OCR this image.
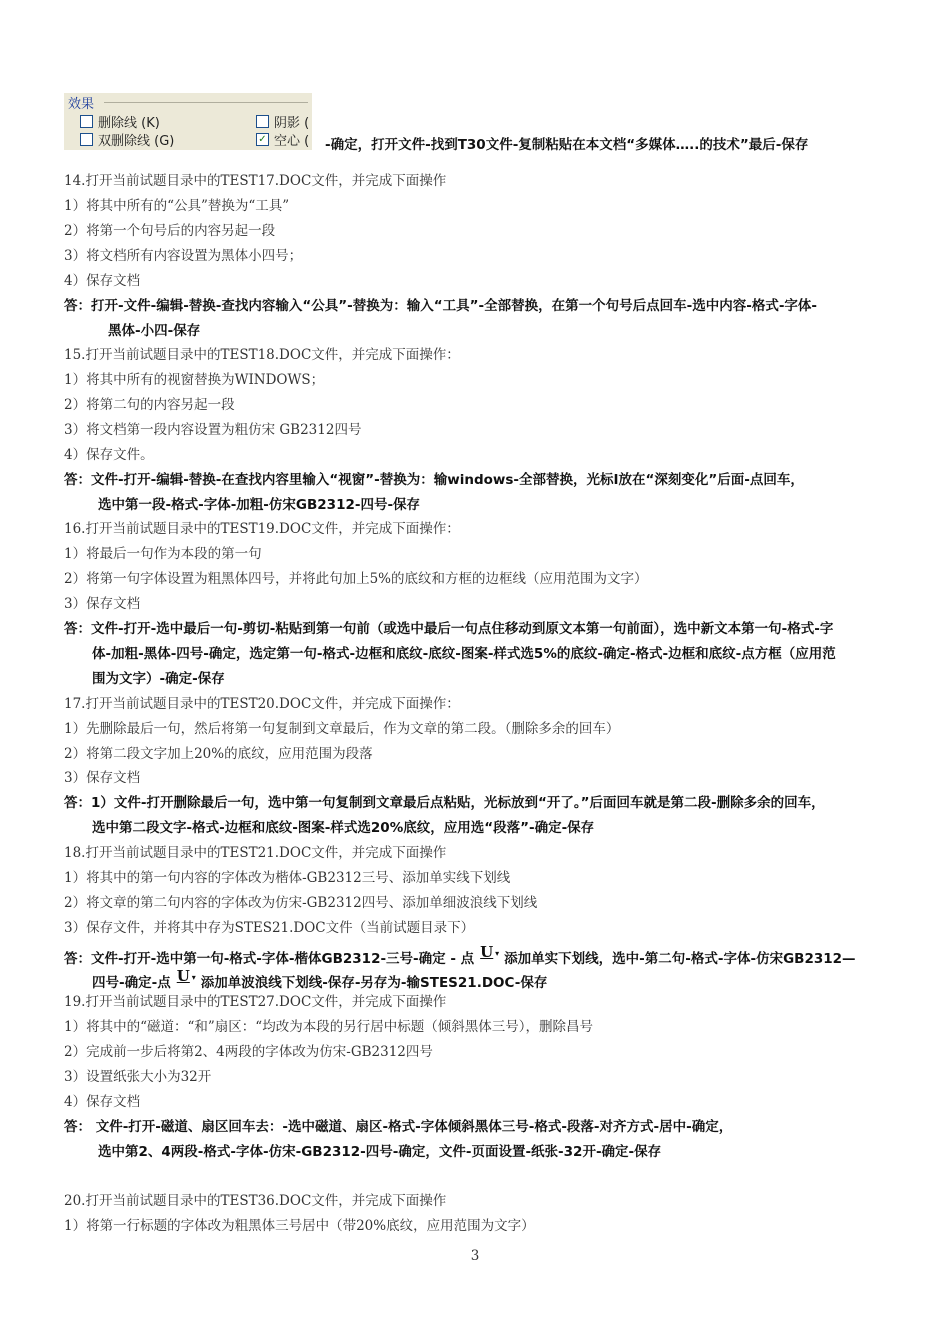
效果
删除线 (K)
双删除线 (G)
阴影 (
✓ 空心 ( -确定，打开文件-找到T30文件-复制粘贴在本文档“多媒体…..的技术”最后-保存
14.打开当前试题目录中的TEST17.DOC文件，并完成下面操作
1）将其中所有的“公具”替换为“工具”
2）将第一个句号后的内容另起一段
3）将文档所有内容设置为黑体小四号；
4）保存文档
答：打开-文件-编辑-替换-查找内容输入“公具”-替换为：输入“工具”-全部替换，在第一个句号后点回车-选中内容-格式-字体-
黑体-小四-保存
15.打开当前试题目录中的TEST18.DOC文件，并完成下面操作：
1）将其中所有的视窗替换为WINDOWS；
2）将第二句的内容另起一段
3）将文档第一段内容设置为粗仿宋 GB2312四号
4）保存文件。
答：文件-打开-编辑-替换-在查找内容里输入“视窗”-替换为：输windows-全部替换，光标I放在“深刻变化”后面-点回车，
选中第一段-格式-字体-加粗-仿宋GB2312-四号-保存
16.打开当前试题目录中的TEST19.DOC文件，并完成下面操作：
1）将最后一句作为本段的第一句
2）将第一句字体设置为粗黑体四号，并将此句加上5%的底纹和方框的边框线（应用范围为文字）
3）保存文档
答：文件-打开-选中最后一句-剪切-粘贴到第一句前（或选中最后一句点住移动到原文本第一句前面），选中新文本第一句-格式-字
体-加粗-黑体-四号-确定，选定第一句-格式-边框和底纹-底纹-图案-样式选5%的底纹-确定-格式-边框和底纹-点方框（应用范
围为文字）-确定-保存
17.打开当前试题目录中的TEST20.DOC文件，并完成下面操作：
1）先删除最后一句，然后将第一句复制到文章最后，作为文章的第二段。（删除多余的回车）
2）将第二段文字加上20%的底纹，应用范围为段落
3）保存文档
答：1）文件-打开删除最后一句，选中第一句复制到文章最后点粘贴，光标放到“开了。”后面回车就是第二段-删除多余的回车，
选中第二段文字-格式-边框和底纹-图案-样式选20%底纹，应用选“段落”-确定-保存
18.打开当前试题目录中的TEST21.DOC文件，并完成下面操作
1）将其中的第一句内容的字体改为楷体-GB2312三号、添加单实线下划线
2）将文章的第二句内容的字体改为仿宋-GB2312四号、添加单细波浪线下划线
3）保存文件，并将其中存为STES21.DOC文件（当前试题目录下）
答：文件-打开-选中第一句-格式-字体-楷体GB2312-三号-确定 - 点 U ▾ 添加单实下划线，选中-第二句-格式-字体-仿宋GB2312—
四号-确定-点 U ▾ 添加单波浪线下划线-保存-另存为-输STES21.DOC-保存
19.打开当前试题目录中的TEST27.DOC文件，并完成下面操作
1）将其中的“磁道：“和”扇区：“均改为本段的另行居中标题（倾斜黑体三号），删除昌号
2）完成前一步后将第2、4两段的字体改为仿宋-GB2312四号
3）设置纸张大小为32开
4）保存文档
答： 文件-打开-磁道、扇区回车去：-选中磁道、扇区-格式-字体倾斜黑体三号-格式-段落-对齐方式-居中-确定，
选中第2、4两段-格式-字体-仿宋-GB2312-四号-确定，文件-页面设置-纸张-32开-确定-保存
20.打开当前试题目录中的TEST36.DOC文件，并完成下面操作
1）将第一行标题的字体改为粗黑体三号居中（带20%底纹，应用范围为文字）
3
